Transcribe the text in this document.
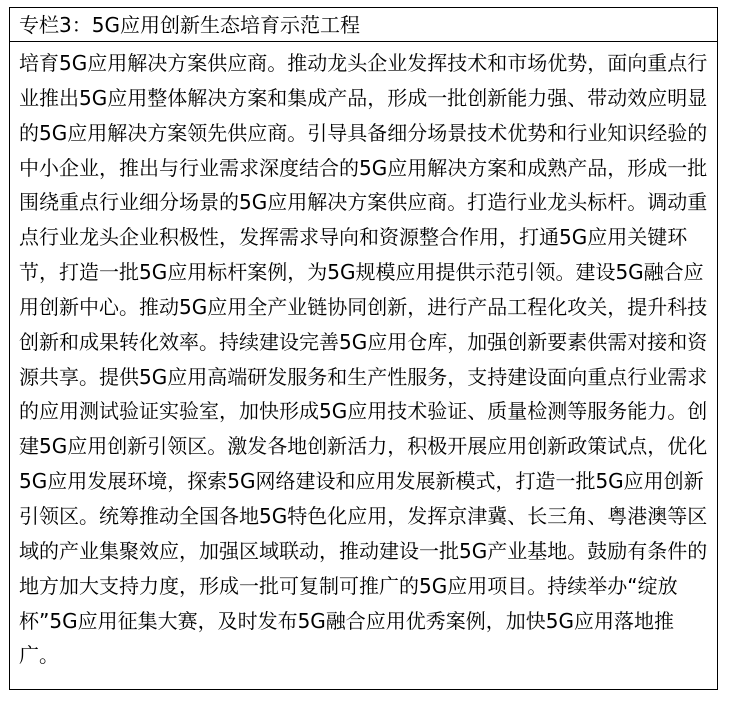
专栏3：5G应用创新生态培育示范工程
培育5G应用解决方案供应商。推动龙头企业发挥技术和市场优势，面向重点行
业推出5G应用整体解决方案和集成产品，形成一批创新能力强、带动效应明显
的5G应用解决方案领先供应商。引导具备细分场景技术优势和行业知识经验的
中小企业，推出与行业需求深度结合的5G应用解决方案和成熟产品，形成一批
围绕重点行业细分场景的5G应用解决方案供应商。打造行业龙头标杆。调动重
点行业龙头企业积极性，发挥需求导向和资源整合作用，打通5G应用关键环
节，打造一批5G应用标杆案例，为5G规模应用提供示范引领。建设5G融合应
用创新中心。推动5G应用全产业链协同创新，进行产品工程化攻关，提升科技
创新和成果转化效率。持续建设完善5G应用仓库，加强创新要素供需对接和资
源共享。提供5G应用高端研发服务和生产性服务，支持建设面向重点行业需求
的应用测试验证实验室，加快形成5G应用技术验证、质量检测等服务能力。创
建5G应用创新引领区。激发各地创新活力，积极开展应用创新政策试点，优化
5G应用发展环境，探索5G网络建设和应用发展新模式，打造一批5G应用创新
引领区。统筹推动全国各地5G特色化应用，发挥京津冀、长三角、粤港澳等区
域的产业集聚效应，加强区域联动，推动建设一批5G产业基地。鼓励有条件的
地方加大支持力度，形成一批可复制可推广的5G应用项目。持续举办“绽放
杯”5G应用征集大赛，及时发布5G融合应用优秀案例，加快5G应用落地推
广。
